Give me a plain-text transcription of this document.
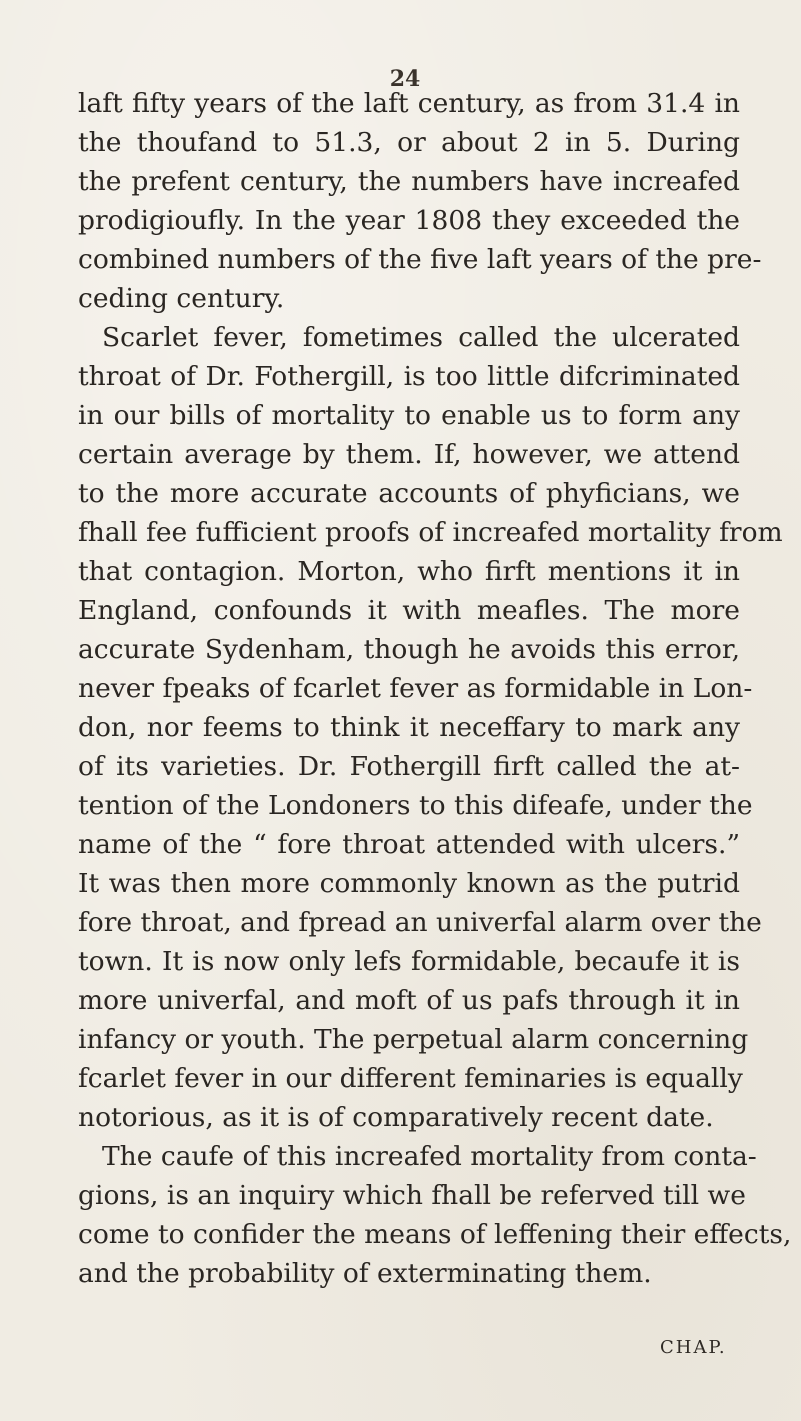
24
laft fifty years of the laft century, as from 31.4 in
the thoufand to 51.3, or about 2 in 5. During
the prefent century, the numbers have increafed
prodigioufly. In the year 1808 they exceeded the
combined numbers of the five laft years of the pre-
ceding century.
Scarlet fever, fometimes called the ulcerated
throat of Dr. Fothergill, is too little difcriminated
in our bills of mortality to enable us to form any
certain average by them. If, however, we attend
to the more accurate accounts of phyficians, we
fhall fee fufficient proofs of increafed mortality from
that contagion. Morton, who firft mentions it in
England, confounds it with meafles. The more
accurate Sydenham, though he avoids this error,
never fpeaks of fcarlet fever as formidable in Lon-
don, nor feems to think it neceffary to mark any
of its varieties. Dr. Fothergill firft called the at-
tention of the Londoners to this difeafe, under the
name of the “ fore throat attended with ulcers.”
It was then more commonly known as the putrid
fore throat, and fpread an univerfal alarm over the
town. It is now only lefs formidable, becaufe it is
more univerfal, and moft of us pafs through it in
infancy or youth. The perpetual alarm concerning
fcarlet fever in our different feminaries is equally
notorious, as it is of comparatively recent date.
The caufe of this increafed mortality from conta-
gions, is an inquiry which fhall be referved till we
come to confider the means of leffening their effects,
and the probability of exterminating them.
CHAP.
